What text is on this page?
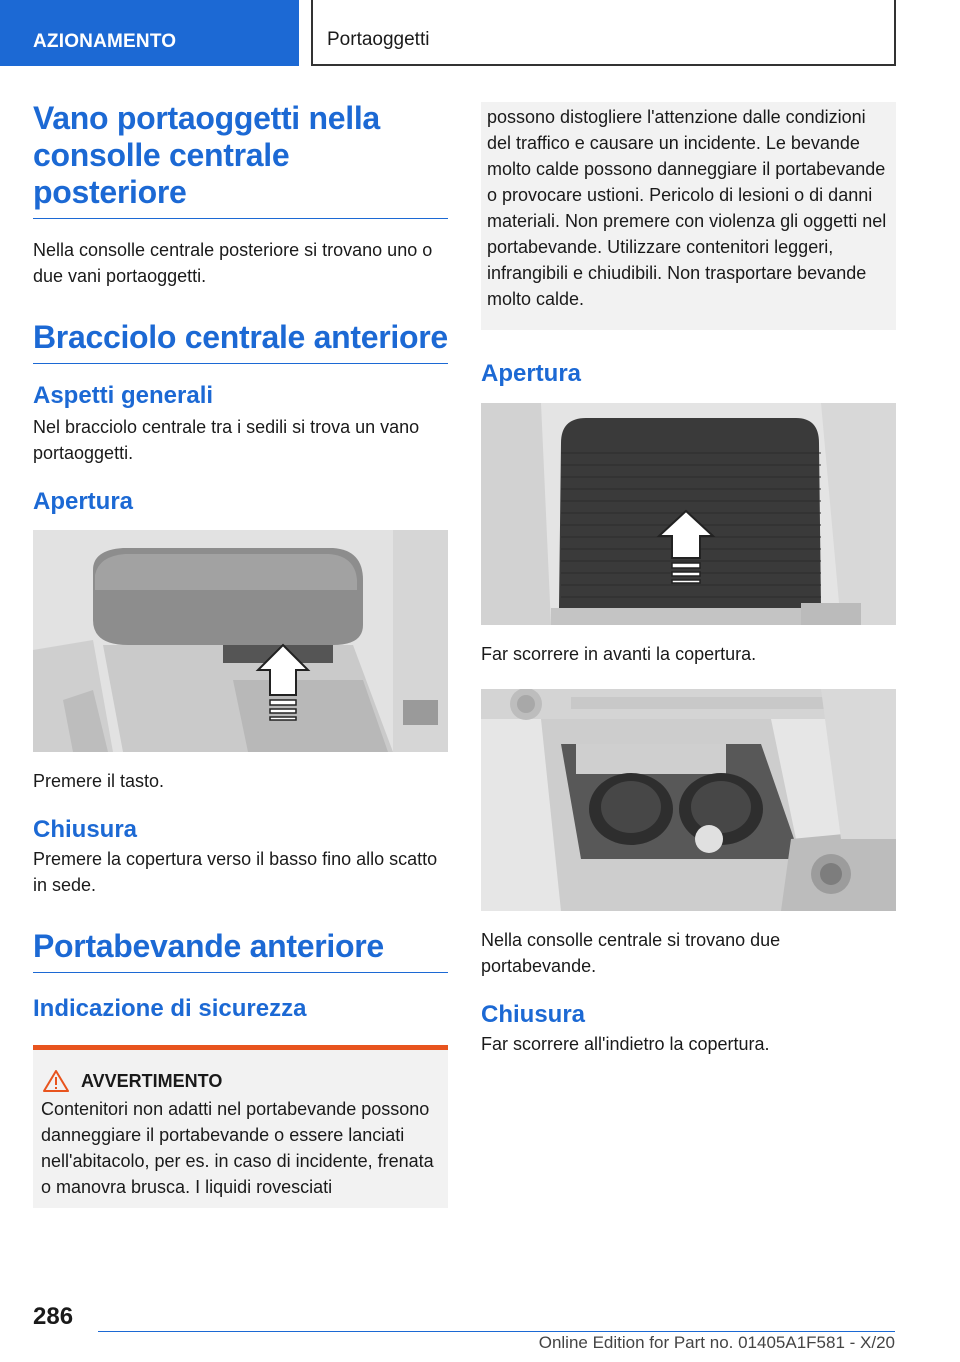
AZIONAMENTO	Portaoggetti
Vano portaoggetti nella consolle centrale posteriore

Nella consolle centrale posteriore si trovano uno o due vani portaoggetti.

Bracciolo centrale anteriore
Aspetti generali

Nel bracciolo centrale tra i sedili si trova un vano portaoggetti.

Apertura

Premere il tasto.

Chiusura

Premere la copertura verso il basso fino allo scatto in sede.

Portabevande anteriore
Indicazione di sicurezza
AVVERTIMENTO
Contenitori non adatti nel portabevande possono danneggiare il portabevande o essere lanciati nell'abitacolo, per es. in caso di incidente, frenata o manovra brusca. I liquidi rovesciati

possono distogliere l'attenzione dalle condizioni del traffico e causare un incidente. Le bevande molto calde possono danneggiare il portabevande o provocare ustioni. Pericolo di lesioni o di danni materiali. Non premere con violenza gli oggetti nel portabevande. Utilizzare contenitori leggeri, infrangibili e chiudibili. Non trasportare bevande molto calde.

Apertura

Far scorrere in avanti la copertura.

Nella consolle centrale si trovano due portabevande.

Chiusura

Far scorrere all'indietro la copertura.

286
Online Edition for Part no. 01405A1F581 - X/20
